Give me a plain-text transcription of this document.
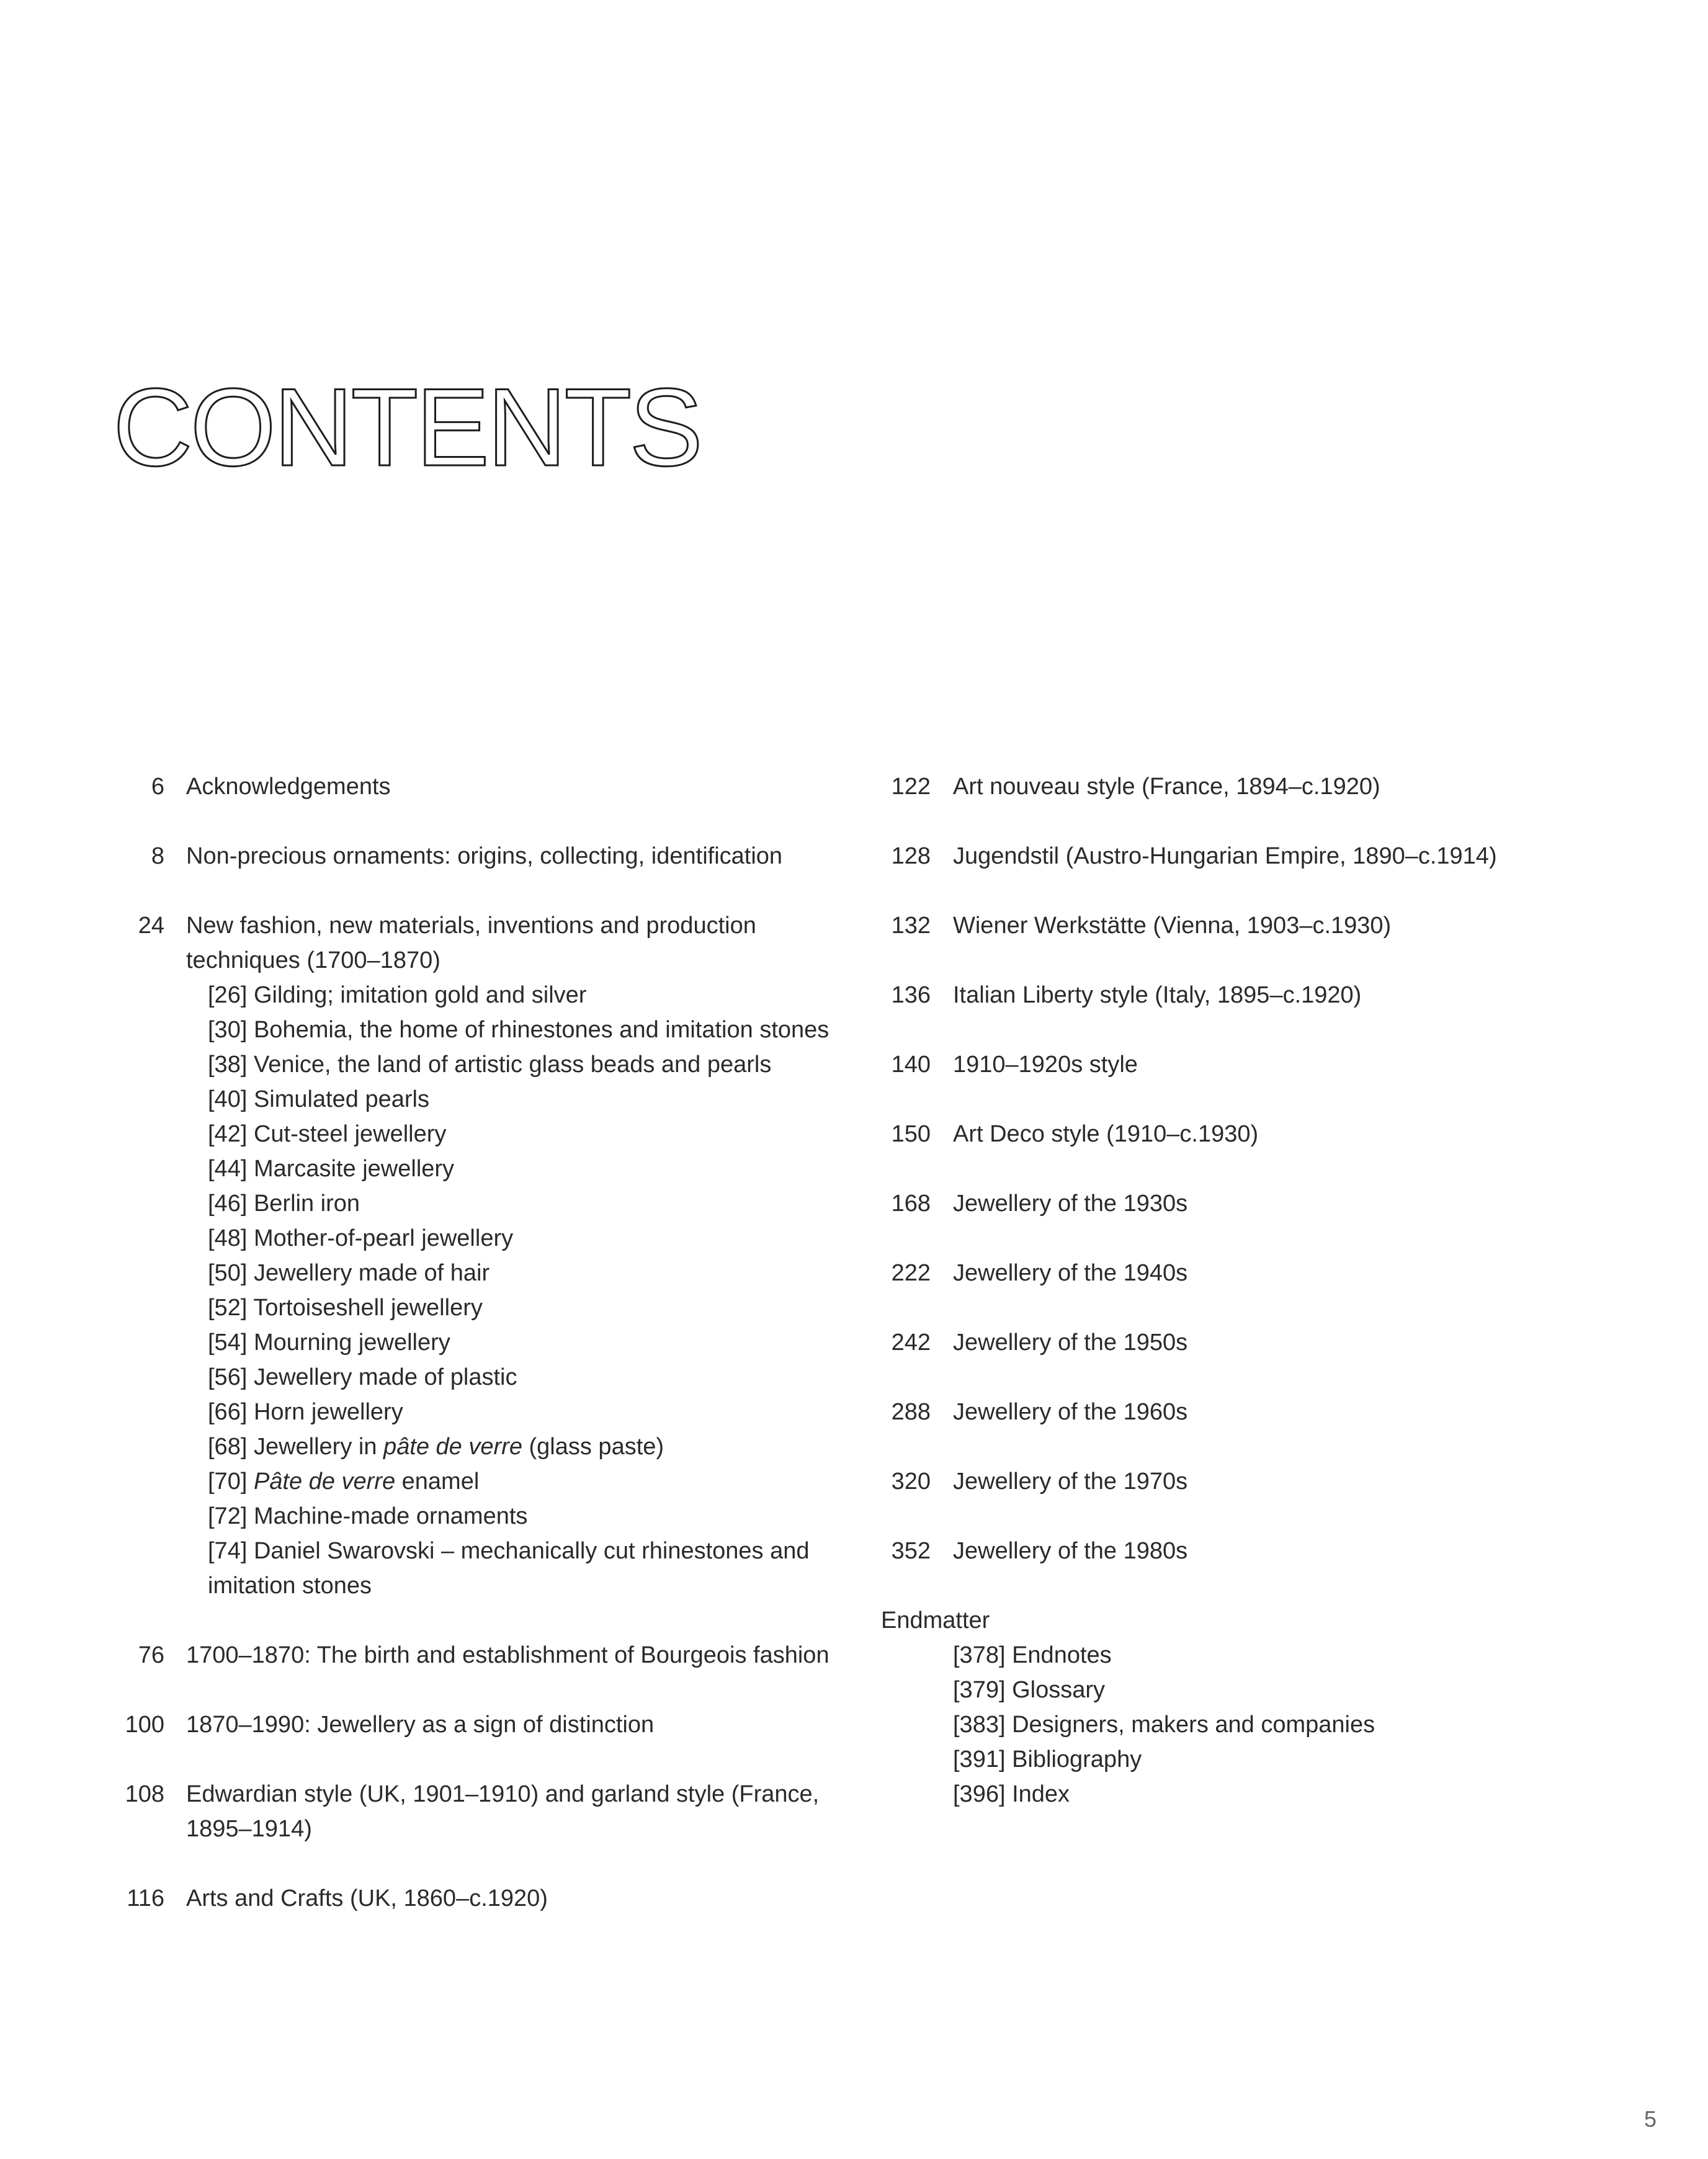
CONTENTS
6 Acknowledgements
8 Non-precious ornaments: origins, collecting, identification
24 New fashion, new materials, inventions and production techniques (1700–1870)
[26] Gilding; imitation gold and silver
[30] Bohemia, the home of rhinestones and imitation stones
[38] Venice, the land of artistic glass beads and pearls
[40] Simulated pearls
[42] Cut-steel jewellery
[44] Marcasite jewellery
[46] Berlin iron
[48] Mother-of-pearl jewellery
[50] Jewellery made of hair
[52] Tortoiseshell jewellery
[54] Mourning jewellery
[56] Jewellery made of plastic
[66] Horn jewellery
[68] Jewellery in pâte de verre (glass paste)
[70] Pâte de verre enamel
[72] Machine-made ornaments
[74] Daniel Swarovski – mechanically cut rhinestones and imitation stones
76 1700–1870: The birth and establishment of Bourgeois fashion
100 1870–1990: Jewellery as a sign of distinction
108 Edwardian style (UK, 1901–1910) and garland style (France, 1895–1914)
116 Arts and Crafts (UK, 1860–c.1920)
122 Art nouveau style (France, 1894–c.1920)
128 Jugendstil (Austro-Hungarian Empire, 1890–c.1914)
132 Wiener Werkstätte (Vienna, 1903–c.1930)
136 Italian Liberty style (Italy, 1895–c.1920)
140 1910–1920s style
150 Art Deco style (1910–c.1930)
168 Jewellery of the 1930s
222 Jewellery of the 1940s
242 Jewellery of the 1950s
288 Jewellery of the 1960s
320 Jewellery of the 1970s
352 Jewellery of the 1980s
Endmatter
[378] Endnotes
[379] Glossary
[383] Designers, makers and companies
[391] Bibliography
[396] Index
5
